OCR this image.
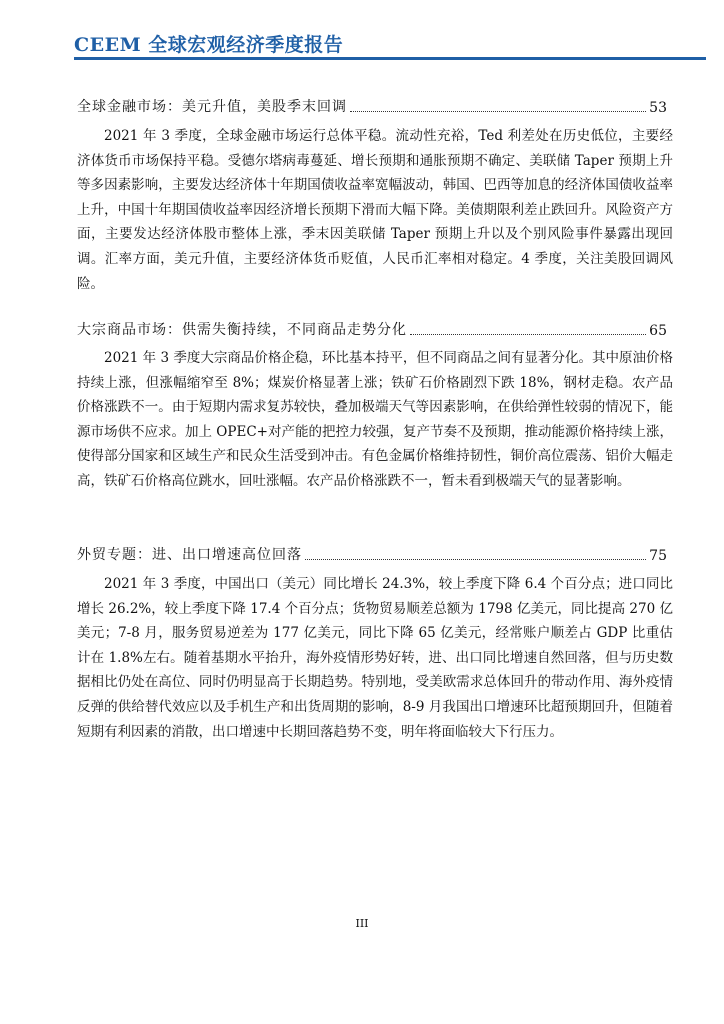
CEEM 全球宏观经济季度报告
全球金融市场：美元升值，美股季末回调	53
2021 年 3 季度，全球金融市场运行总体平稳。流动性充裕，Ted 利差处在历史低位，主要经济体货币市场保持平稳。受德尔塔病毒蔓延、增长预期和通胀预期不确定、美联储 Taper 预期上升等多因素影响，主要发达经济体十年期国债收益率宽幅波动，韩国、巴西等加息的经济体国债收益率上升，中国十年期国债收益率因经济增长预期下滑而大幅下降。美债期限利差止跌回升。风险资产方面，主要发达经济体股市整体上涨，季末因美联储 Taper 预期上升以及个别风险事件暴露出现回调。汇率方面，美元升值，主要经济体货币贬值，人民币汇率相对稳定。4 季度，关注美股回调风险。
大宗商品市场：供需失衡持续，不同商品走势分化	65
2021 年 3 季度大宗商品价格企稳，环比基本持平，但不同商品之间有显著分化。其中原油价格持续上涨，但涨幅缩窄至 8%；煤炭价格显著上涨；铁矿石价格剧烈下跌 18%，钢材走稳。农产品价格涨跌不一。由于短期内需求复苏较快，叠加极端天气等因素影响，在供给弹性较弱的情况下，能源市场供不应求。加上 OPEC+对产能的把控力较强，复产节奏不及预期，推动能源价格持续上涨，使得部分国家和区域生产和民众生活受到冲击。有色金属价格维持韧性，铜价高位震荡、铝价大幅走高，铁矿石价格高位跳水，回吐涨幅。农产品价格涨跌不一，暂未看到极端天气的显著影响。
外贸专题：进、出口增速高位回落	75
2021 年 3 季度，中国出口（美元）同比增长 24.3%，较上季度下降 6.4 个百分点；进口同比增长 26.2%，较上季度下降 17.4 个百分点；货物贸易顺差总额为 1798 亿美元，同比提高 270 亿美元；7-8 月，服务贸易逆差为 177 亿美元，同比下降 65 亿美元，经常账户顺差占 GDP 比重估计在 1.8%左右。随着基期水平抬升，海外疫情形势好转，进、出口同比增速自然回落，但与历史数据相比仍处在高位、同时仍明显高于长期趋势。特别地，受美欧需求总体回升的带动作用、海外疫情反弹的供给替代效应以及手机生产和出货周期的影响，8-9 月我国出口增速环比超预期回升，但随着短期有利因素的消散，出口增速中长期回落趋势不变，明年将面临较大下行压力。
III
